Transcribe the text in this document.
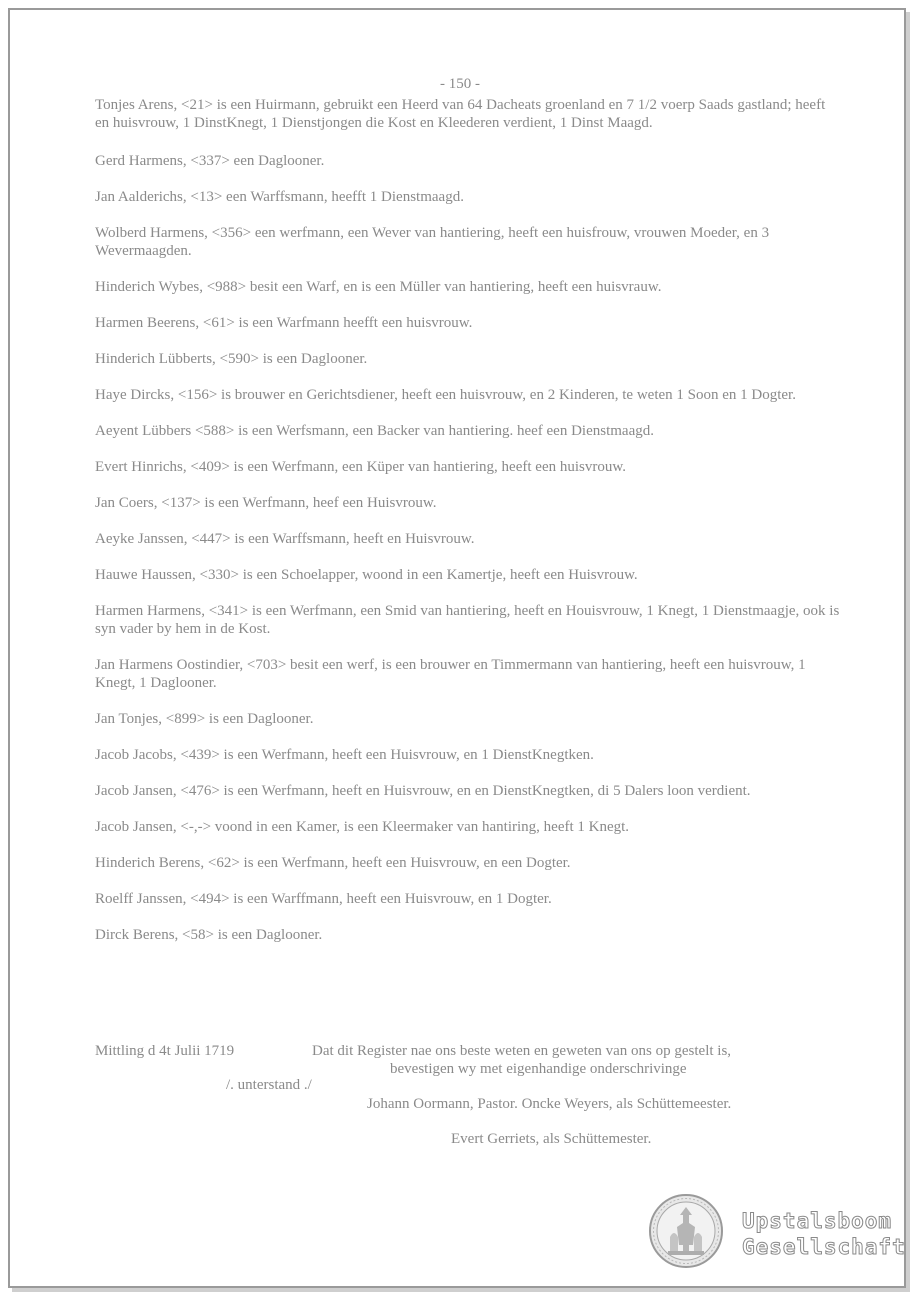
- 150 -

Tonjes Arens, <21> is een Huirmann, gebruikt een Heerd van 64 Dacheats groenland en 7 1/2 voerp Saads gastland; heeft en huisvrouw, 1 DinstKnegt, 1 Dienstjongen die Kost en Kleederen verdient, 1 Dinst Maagd.

Gerd Harmens, <337> een Daglooner.

Jan Aalderichs, <13> een Warffsmann, heefft 1 Dienstmaagd.

Wolberd Harmens, <356> een werfmann, een Wever van hantiering, heeft een huisfrouw, vrouwen Moeder, en 3 Wevermaagden.

Hinderich Wybes, <988> besit een Warf, en is een Müller van hantiering, heeft een huisvrauw.

Harmen Beerens, <61> is een Warfmann heefft een huisvrouw.

Hinderich Lübberts, <590> is een Daglooner.

Haye Dircks, <156> is brouwer en Gerichtsdiener, heeft een huisvrouw, en 2 Kinderen, te weten 1 Soon en 1 Dogter.

Aeyent Lübbers <588> is een Werfsmann, een Backer van hantiering. heef een Dienstmaagd.

Evert Hinrichs, <409> is een Werfmann, een Küper van hantiering, heeft een huisvrouw.

Jan Coers, <137> is een Werfmann, heef een Huisvrouw.

Aeyke Janssen, <447> is een Warffsmann, heeft en Huisvrouw.

Hauwe Haussen, <330> is een Schoelapper, woond in een Kamertje, heeft een Huisvrouw.

Harmen Harmens, <341> is een Werfmann, een Smid van hantiering, heeft en Houisvrouw, 1 Knegt, 1 Dienstmaagje, ook is syn vader by hem in de Kost.

Jan Harmens Oostindier, <703> besit een werf, is een brouwer en Timmermann van hantiering, heeft een huisvrouw, 1 Knegt, 1 Daglooner.

Jan Tonjes, <899> is een Daglooner.

Jacob Jacobs, <439> is een Werfmann, heeft een Huisvrouw, en 1 DienstKnegtken.

Jacob Jansen, <476> is een Werfmann, heeft en Huisvrouw, en en DienstKnegtken, di 5 Dalers loon verdient.

Jacob Jansen, <-,-> voond in een Kamer, is een Kleermaker van hantiring, heeft 1 Knegt.

Hinderich Berens, <62> is een Werfmann, heeft een Huisvrouw, en een Dogter.

Roelff Janssen, <494> is een Warffmann, heeft een Huisvrouw, en 1 Dogter.

Dirck Berens, <58> is een Daglooner.

Mittling d 4t Julii 1719	Dat dit Register nae ons beste weten en geweten van ons op gestelt is,
bevestigen wy met eigenhandige onderschrivinge
/. unterstand ./
Johann Oormann, Pastor. Oncke Weyers, als Schüttemeester.
Evert Gerriets, als Schüttemester.
Upstalsboom
Gesellschaft
